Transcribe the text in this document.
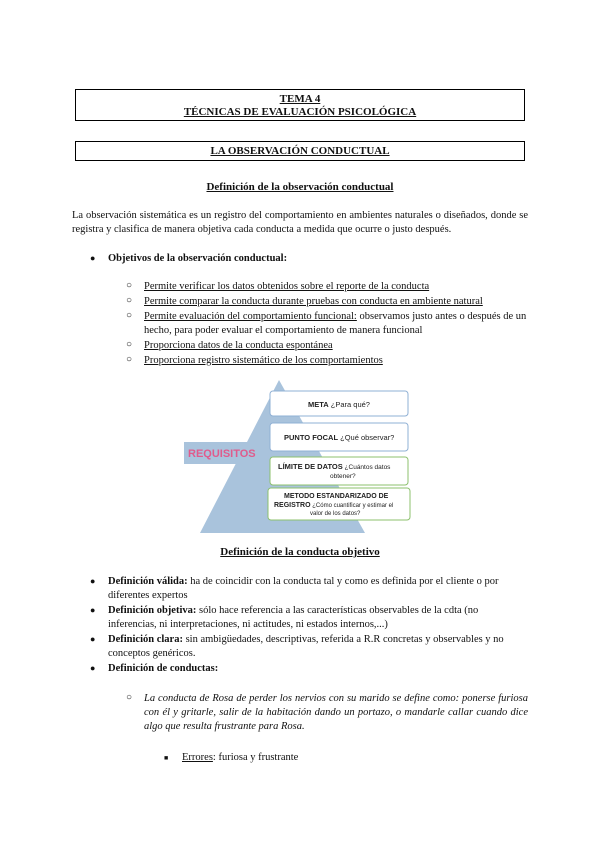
TEMA 4
TÉCNICAS DE EVALUACIÓN PSICOLÓGICA
LA OBSERVACIÓN CONDUCTUAL
Definición de la observación conductual
La observación sistemática es un registro del comportamiento en ambientes naturales o diseñados, donde se registra y clasifica de manera objetiva cada conducta a medida que ocurre o justo después.
● Objetivos de la observación conductual:
○ Permite verificar los datos obtenidos sobre el reporte de la conducta
○ Permite comparar la conducta durante pruebas con conducta en ambiente natural
○ Permite evaluación del comportamiento funcional: observamos justo antes o después de un hecho, para poder evaluar el comportamiento de manera funcional
○ Proporciona datos de la conducta espontánea
○ Proporciona registro sistemático de los comportamientos
REQUISITOS
META ¿Para qué?
PUNTO FOCAL ¿Qué observar?
LÍMITE DE DATOS ¿Cuántos datos
obtener?
METODO ESTANDARIZADO DE
REGISTRO ¿Cómo cuantificar y estimar el
valor de los datos?
Definición de la conducta objetivo
● Definición válida: ha de coincidir con la conducta tal y como es definida por el cliente o por diferentes expertos
● Definición objetiva: sólo hace referencia a las características observables de la cdta (no inferencias, ni interpretaciones, ni actitudes, ni estados internos,...)
● Definición clara: sin ambigüedades, descriptivas, referida a R.R concretas y observables y no conceptos genéricos.
● Definición de conductas:
○ La conducta de Rosa de perder los nervios con su marido se define como: ponerse furiosa con él y gritarle, salir de la habitación dando un portazo, o mandarle callar cuando dice algo que resulta frustrante para Rosa.
■ Errores: furiosa y frustrante
